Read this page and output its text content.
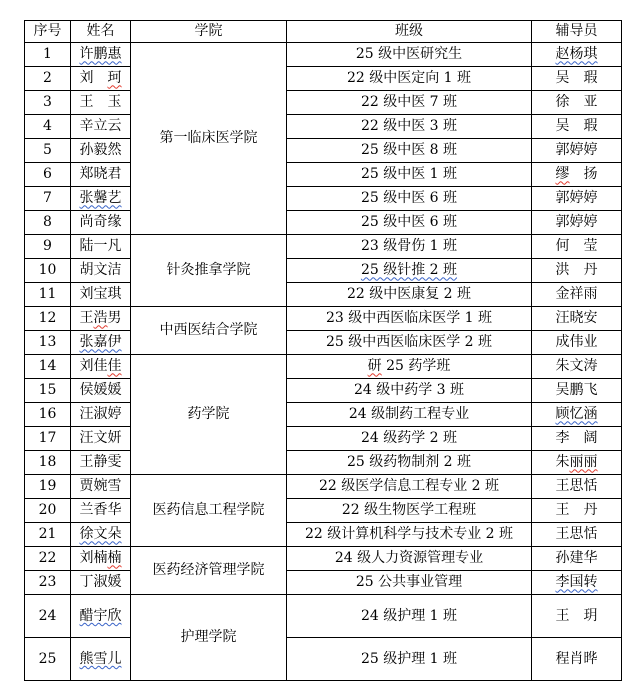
序号	姓名	学院	班级	辅导员
1	许鹏惠	第一临床医学院	25 级中医研究生	赵杨琪
2	刘　珂		22 级中医定向 1 班	吴　瑕
3	王　玉		22 级中医 7 班	徐　亚
4	辛立云		22 级中医 3 班	吴　瑕
5	孙毅然		25 级中医 8 班	郭婷婷
6	郑晓君		25 级中医 1 班	缪　扬
7	张馨艺		25 级中医 6 班	郭婷婷
8	尚奇缘		25 级中医 6 班	郭婷婷
9	陆一凡	针灸推拿学院	23 级骨伤 1 班	何　莹
10	胡文洁		25 级针推 2 班	洪　丹
11	刘宝琪		22 级中医康复 2 班	金祥雨
12	王浩男	中西医结合学院	23 级中西医临床医学 1 班	汪晓安
13	张嘉伊		25 级中西医临床医学 2 班	成伟业
14	刘佳佳	药学院	研 25 药学班	朱文涛
15	侯媛媛		24 级中药学 3 班	吴鹏飞
16	汪淑婷		24 级制药工程专业	顾忆涵
17	汪文妍		24 级药学 2 班	李　阔
18	王静雯		25 级药物制剂 2 班	朱丽丽
19	贾婉雪	医药信息工程学院	22 级医学信息工程专业 2 班	王思恬
20	兰香华		22 级生物医学工程班	王　丹
21	徐文朵		22 级计算机科学与技术专业 2 班	王思恬
22	刘楠楠	医药经济管理学院	24 级人力资源管理专业	孙建华
23	丁淑媛		25 公共事业管理	李国转
24	醋宇欣	护理学院	24 级护理 1 班	王　玥
25	熊雪儿		25 级护理 1 班	程肖晔
